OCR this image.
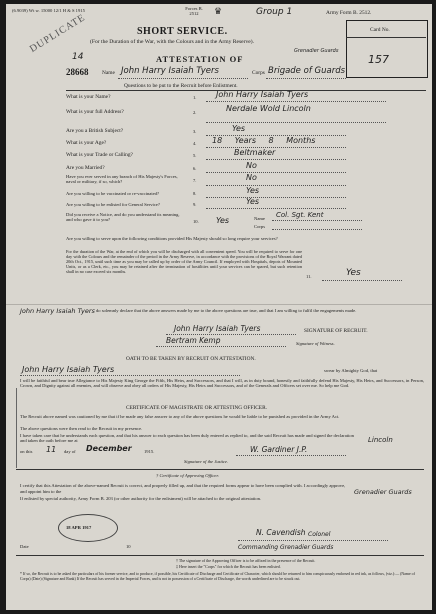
(6.9039) Wt w. 15000 12/1 H & S 1915	Forces B. 2512	♛	Group 1	Army Form B. 2512.
DUPLICATE	SHORT SERVICE.
(For the Duration of the War, with the Colours and in the Army Reserve).
Card No.
157
14
Grenadier Guards
ATTESTATION OF
28668	Name John Harry Isaiah Tyers	Corps Brigade of Guards
Questions to be put to the Recruit before Enlistment.
What is your Name?	1. John Harry Isaiah Tyers
What is your full Address?	2.	Nerdale Wold Lincoln
Are you a British Subject?	3.	Yes
What is your Age?	4. 18 Years 8 Months
What is your Trade or Calling?	5.	Beltmaker
Are you Married?	6.	No
Have you ever served in any branch of His Majesty's Forces, naval or military, if so, which?	7.	No
Are you willing to be vaccinated or re-vaccinated?	8.	Yes
Are you willing to be enlisted for General Service?	9.	Yes
Did you receive a Notice, and do you understand its meaning, and who gave it to you?	10. Yes	Name Col. Sgt. Kent
Corps
Are you willing to serve upon the following conditions provided His Majesty should so long require your services?
For the duration of the War, at the end of which you will be discharged with all convenient speed. You will be required to serve for one day with the Colours and the remainder of the period in the Army Reserve, in accordance with the provisions of the Royal Warrant dated 20th Oct., 1915, until such time as you may be called up by order of the Army Council. If employed with Hospitals, depots of Mounted Units, or as a Clerk, etc., you may be retained after the termination of hostilities until your services can be spared, but such retention shall in no case exceed six months.
11.	Yes
John Harry Isaiah Tyers do solemnly declare that the above answers made by me to the above questions are true, and that I am willing to fulfil the engagements made.
John Harry Isaiah Tyers	SIGNATURE OF RECRUIT.
Bertram Kemp	Signature of Witness.
OATH TO BE TAKEN BY RECRUIT ON ATTESTATION.
John Harry Isaiah Tyers	swear by Almighty God, that
I will be faithful and bear true Allegiance to His Majesty King George the Fifth, His Heirs, and Successors, and that I will, as in duty bound, honestly and faithfully defend His Majesty, His Heirs, and Successors, in Person, Crown, and Dignity against all enemies, and will observe and obey all orders of His Majesty, His Heirs and Successors, and of the Generals and Officers set over me. So help me God.
CERTIFICATE OF MAGISTRATE OR ATTESTING OFFICER.
The Recruit above named was cautioned by me that if he made any false answer to any of the above questions he would be liable to be punished as provided in the Army Act.
The above questions were then read to the Recruit in my presence.
I have taken care that he understands each question, and that his answer to each question has been duly entered as replied to, and the said Recruit has made and signed the declaration and taken the oath before me at	Lincoln
on this 11 day of December	1915.	W. Gardiner J.P.
Signature of the Justice.
† Certificate of Approving Officer.
I certify that this Attestation of the above-named Recruit is correct, and properly filled up, and that the required forms appear to have been complied with. I accordingly approve, and appoint him to the	Grenadier Guards
If enlisted by special authority, Army Form B. 203 (or other authority for the enlistment) will be attached to the original attestation.
18 APR 1917
Date	10
N. Cavendish Colonel
Commanding Grenadier Guards
† The signature of the Approving Officer is to be affixed in the presence of the Recruit.
‡ Here insert the "Corps" for which the Recruit has been enlisted.
* If so, the Recruit is to be asked the particulars of his former service, and to produce, if possible, his Certificate of Discharge and Certificate of Character, which should be returned to him conspicuously endorsed in red ink, as follows, (viz.):— (Name of Corps) (Date) (Signature and Rank) If the Recruit has served in the Imperial Forces, and is not in possession of a Certificate of Discharge, the words underlined are to be struck out.
